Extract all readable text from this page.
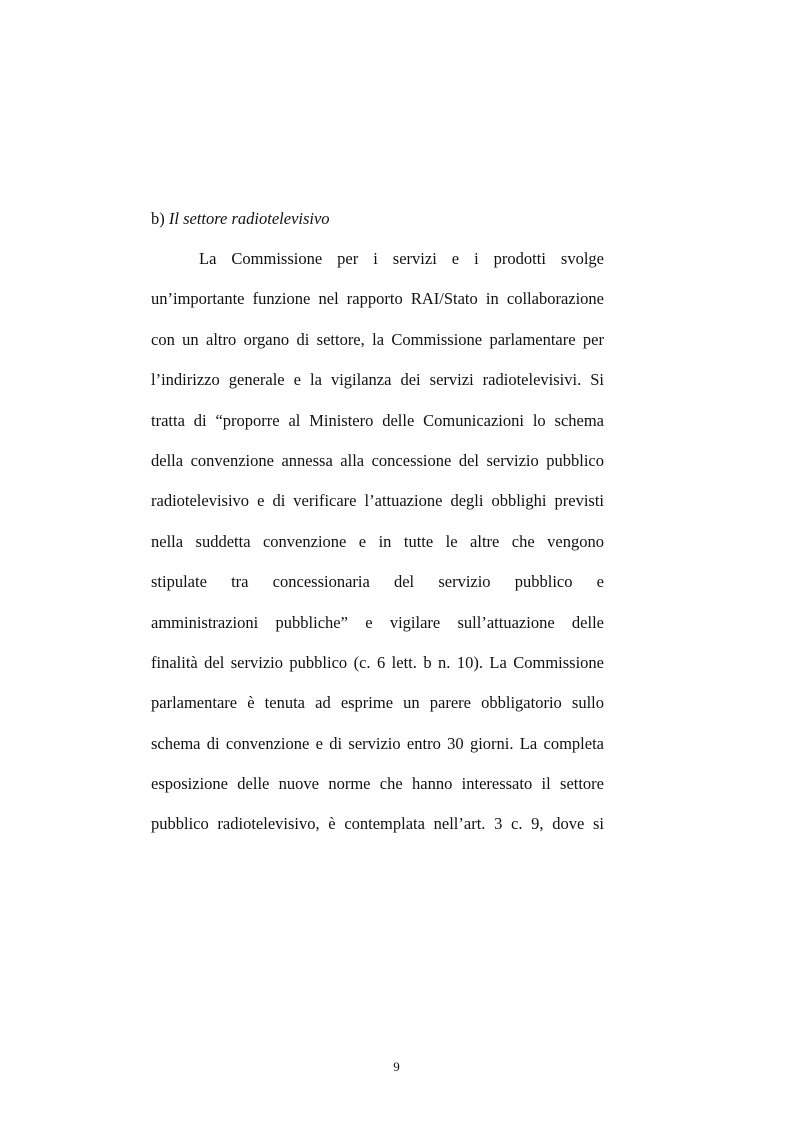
b) Il settore radiotelevisivo
La Commissione per i servizi e i prodotti svolge
un’importante funzione nel rapporto RAI/Stato in collaborazione
con un altro organo di settore, la Commissione parlamentare per
l’indirizzo generale e la vigilanza dei servizi radiotelevisivi. Si
tratta di “proporre al Ministero delle Comunicazioni lo schema
della convenzione annessa alla concessione del servizio pubblico
radiotelevisivo e di verificare l’attuazione degli obblighi previsti
nella suddetta convenzione e in tutte le altre che vengono
stipulate tra concessionaria del servizio pubblico e
amministrazioni pubbliche” e vigilare sull’attuazione delle
finalità del servizio pubblico (c. 6 lett. b n. 10). La Commissione
parlamentare è tenuta ad esprime un parere obbligatorio sullo
schema di convenzione e di servizio entro 30 giorni. La completa
esposizione delle nuove norme che hanno interessato il settore
pubblico radiotelevisivo, è contemplata nell’art. 3 c. 9, dove si
9
